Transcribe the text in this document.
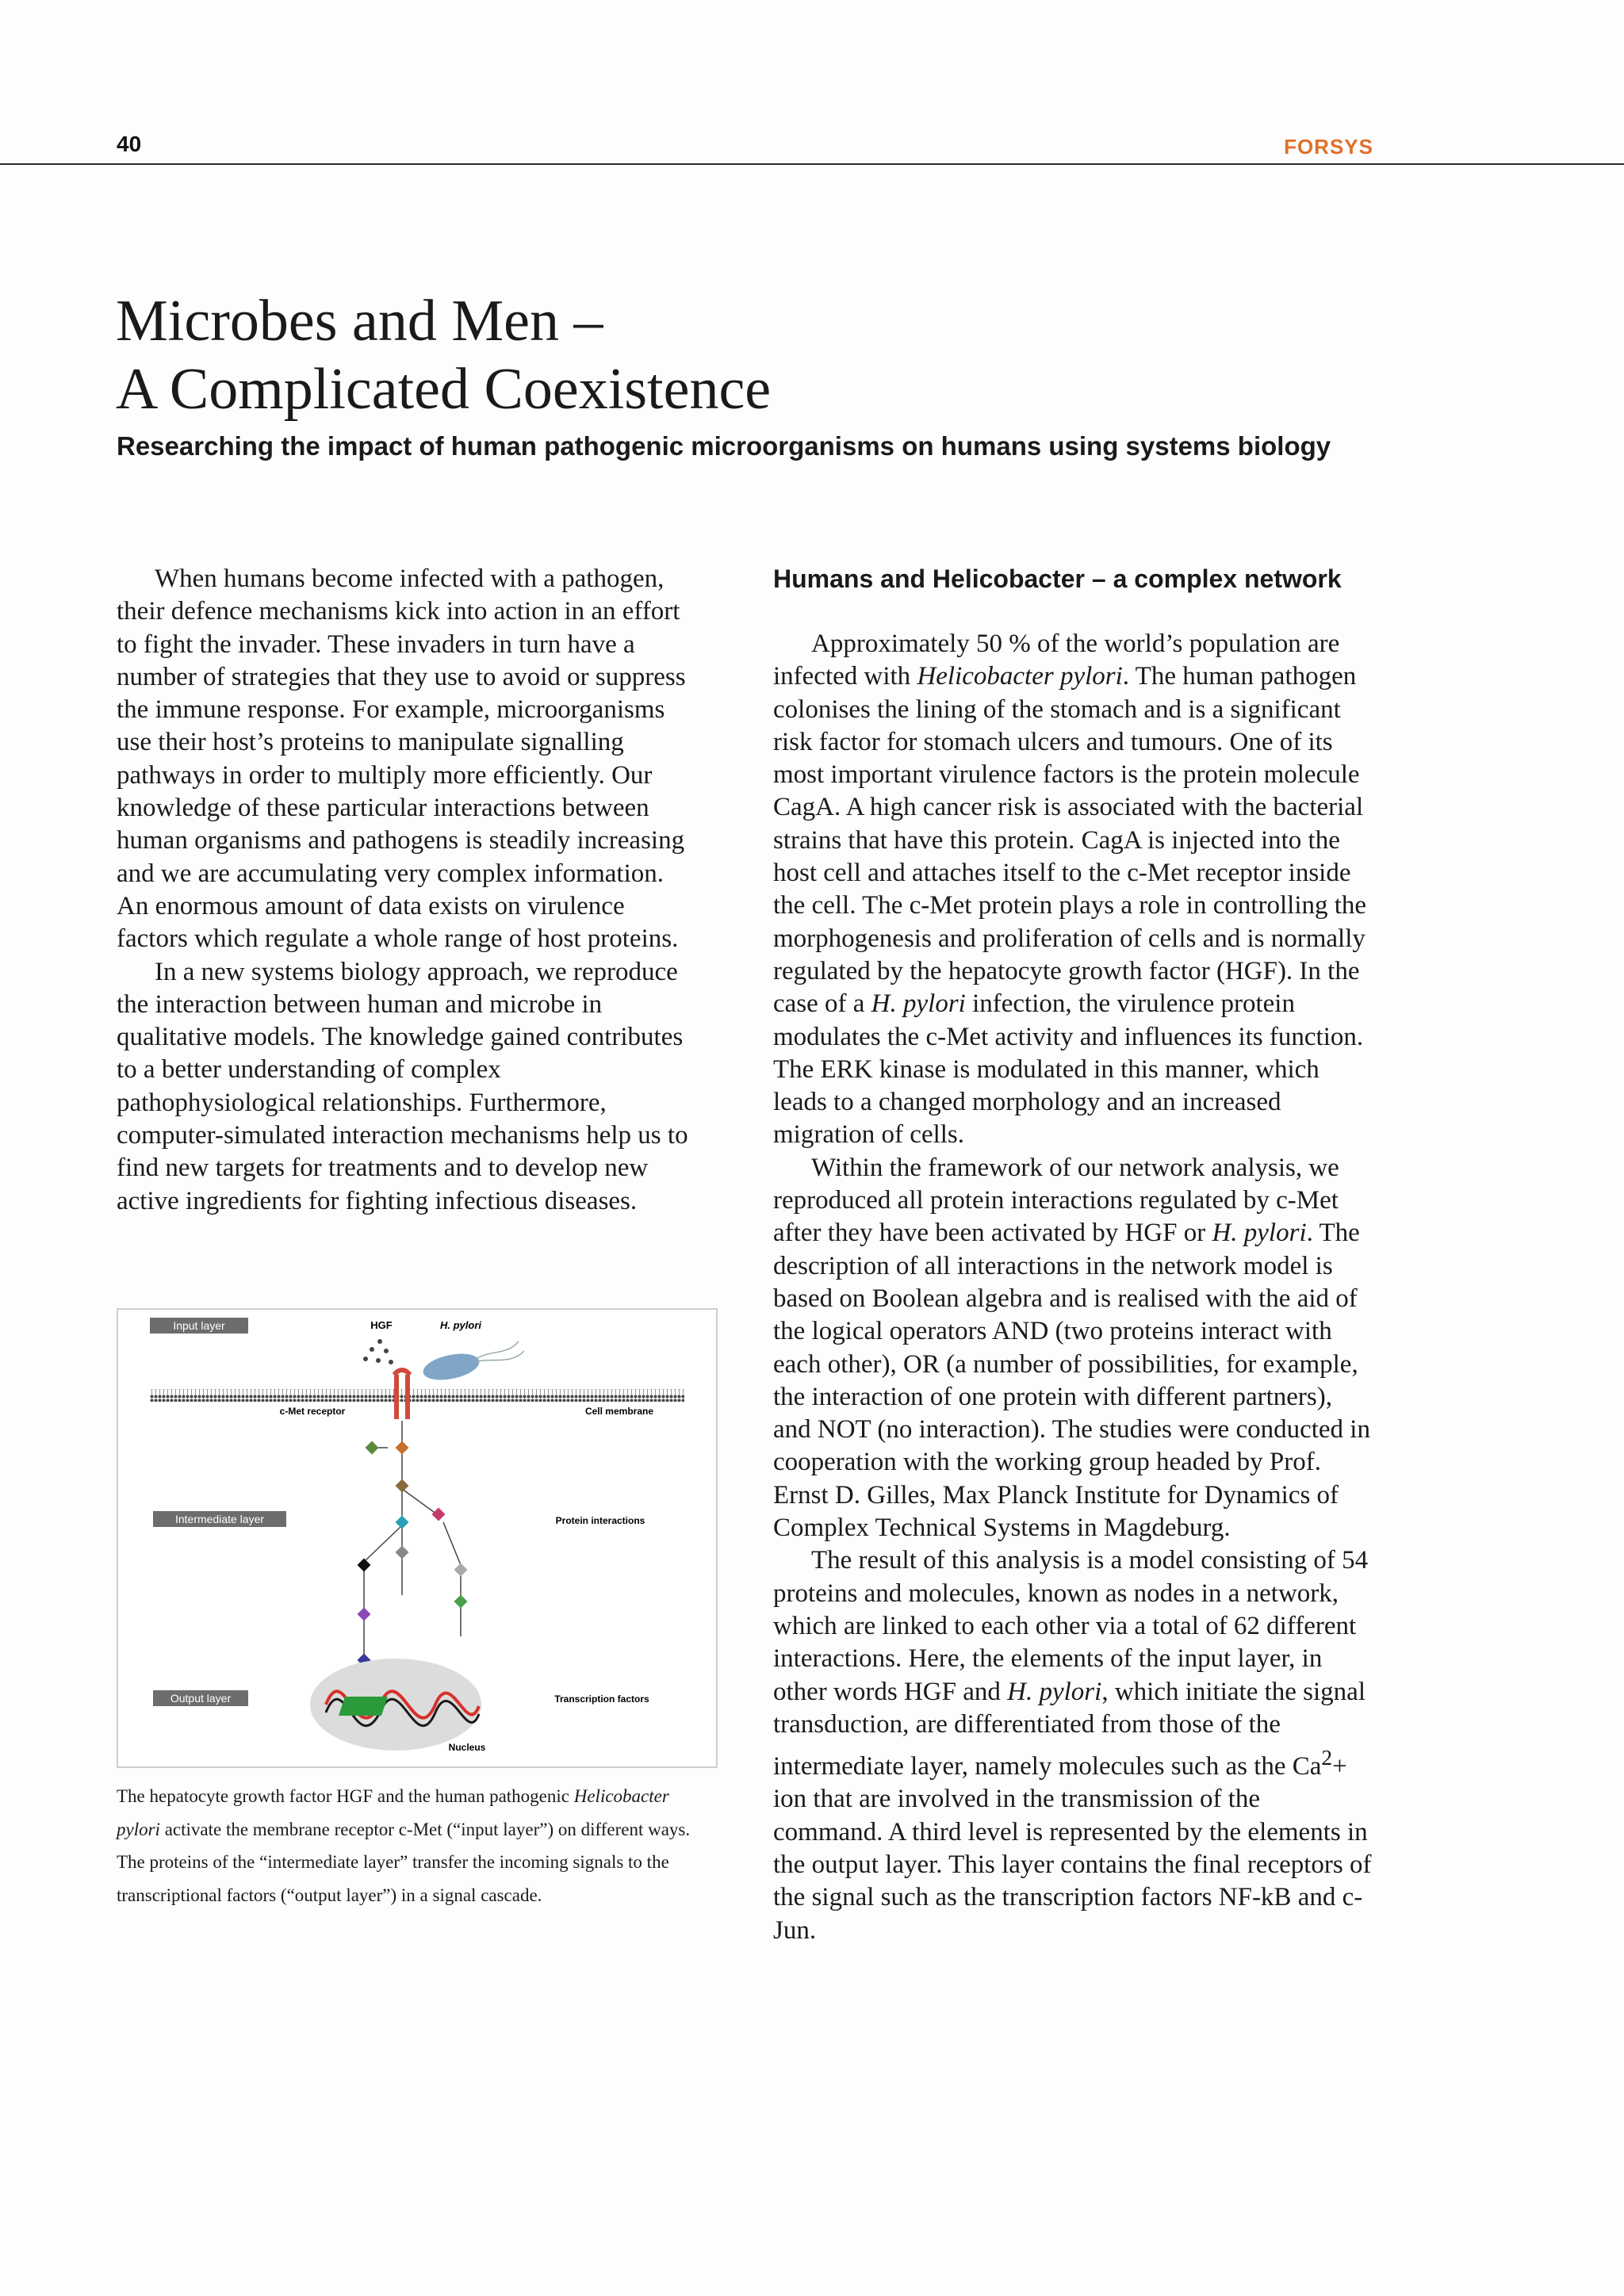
40	FORSYS
Microbes and Men –
A Complicated Coexistence
Researching the impact of human pathogenic microorganisms on humans using systems biology

When humans become infected with a pathogen, their defence mechanisms kick into action in an effort to fight the invader. These invaders in turn have a number of strategies that they use to avoid or suppress the immune response. For example, microorganisms use their host’s proteins to manipulate signalling pathways in order to multiply more efficiently. Our knowledge of these particular interactions between human organisms and pathogens is steadily increasing and we are accumulating very complex information. An enormous amount of data exists on virulence factors which regulate a whole range of host proteins.

In a new systems biology approach, we reproduce the interaction between human and microbe in qualitative models. The knowledge gained contributes to a better understanding of complex pathophysiological relationships. Furthermore, computer-simulated interaction mechanisms help us to find new targets for treatments and to develop new active ingredients for fighting infectious diseases.

Input layer
Intermediate layer
Output layer
HGF	H. pylori
c-Met receptor	Cell membrane
Protein interactions
Transcription factors
Nucleus

The hepatocyte growth factor HGF and the human pathogenic Helicobacter pylori activate the membrane receptor c-Met (“input layer”) on different ways. The proteins of the “intermediate layer” transfer the incoming signals to the transcriptional factors (“output layer”) in a signal cascade.

Humans and Helicobacter – a complex network

Approximately 50 % of the world’s population are infected with Helicobacter pylori. The human pathogen colonises the lining of the stomach and is a significant risk factor for stomach ulcers and tumours. One of its most important virulence factors is the protein molecule CagA. A high cancer risk is associated with the bacterial strains that have this protein. CagA is injected into the host cell and attaches itself to the c-Met receptor inside the cell. The c-Met protein plays a role in controlling the morphogenesis and proliferation of cells and is normally regulated by the hepatocyte growth factor (HGF). In the case of a H. pylori infection, the virulence protein modulates the c-Met activity and influences its function. The ERK kinase is modulated in this manner, which leads to a changed morphology and an increased migration of cells.

Within the framework of our network analysis, we reproduced all protein interactions regulated by c-Met after they have been activated by HGF or H. pylori. The description of all interactions in the network model is based on Boolean algebra and is realised with the aid of the logical operators AND (two proteins interact with each other), OR (a number of possibilities, for example, the interaction of one protein with different partners), and NOT (no interaction). The studies were conducted in cooperation with the working group headed by Prof. Ernst D. Gilles, Max Planck Institute for Dynamics of Complex Technical Systems in Magdeburg.

The result of this analysis is a model consisting of 54 proteins and molecules, known as nodes in a network, which are linked to each other via a total of 62 different interactions. Here, the elements of the input layer, in other words HGF and H. pylori, which initiate the signal transduction, are differentiated from those of the intermediate layer, namely molecules such as the $Ca^2+$ ion that are involved in the transmission of the command. A third level is represented by the elements in the output layer. This layer contains the final receptors of the signal such as the transcription factors NF-kB and c-Jun.
